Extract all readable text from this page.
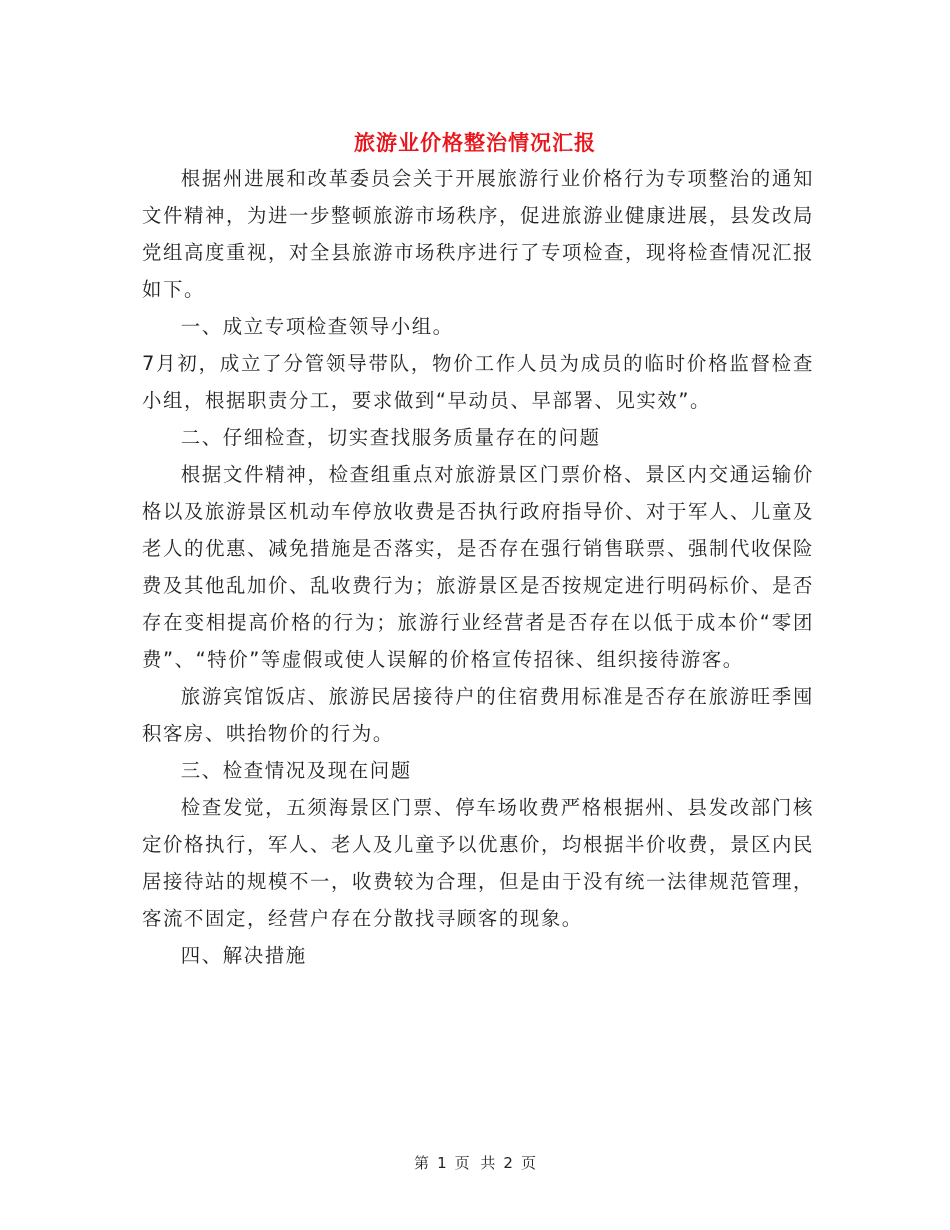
旅游业价格整治情况汇报

根据州进展和改革委员会关于开展旅游行业价格行为专项整治的通知文件精神，为进一步整顿旅游市场秩序，促进旅游业健康进展，县发改局党组高度重视，对全县旅游市场秩序进行了专项检查，现将检查情况汇报如下。

一、成立专项检查领导小组。

7月初，成立了分管领导带队，物价工作人员为成员的临时价格监督检查小组，根据职责分工，要求做到“早动员、早部署、见实效”。

二、仔细检查，切实查找服务质量存在的问题

根据文件精神，检查组重点对旅游景区门票价格、景区内交通运输价格以及旅游景区机动车停放收费是否执行政府指导价、对于军人、儿童及老人的优惠、减免措施是否落实，是否存在强行销售联票、强制代收保险费及其他乱加价、乱收费行为；旅游景区是否按规定进行明码标价、是否存在变相提高价格的行为；旅游行业经营者是否存在以低于成本价“零团费”、“特价”等虚假或使人误解的价格宣传招徕、组织接待游客。

旅游宾馆饭店、旅游民居接待户的住宿费用标准是否存在旅游旺季囤积客房、哄抬物价的行为。

三、检查情况及现在问题

检查发觉，五须海景区门票、停车场收费严格根据州、县发改部门核定价格执行，军人、老人及儿童予以优惠价，均根据半价收费，景区内民居接待站的规模不一，收费较为合理，但是由于没有统一法律规范管理，客流不固定，经营户存在分散找寻顾客的现象。

四、解决措施

第 1 页 共 2 页
